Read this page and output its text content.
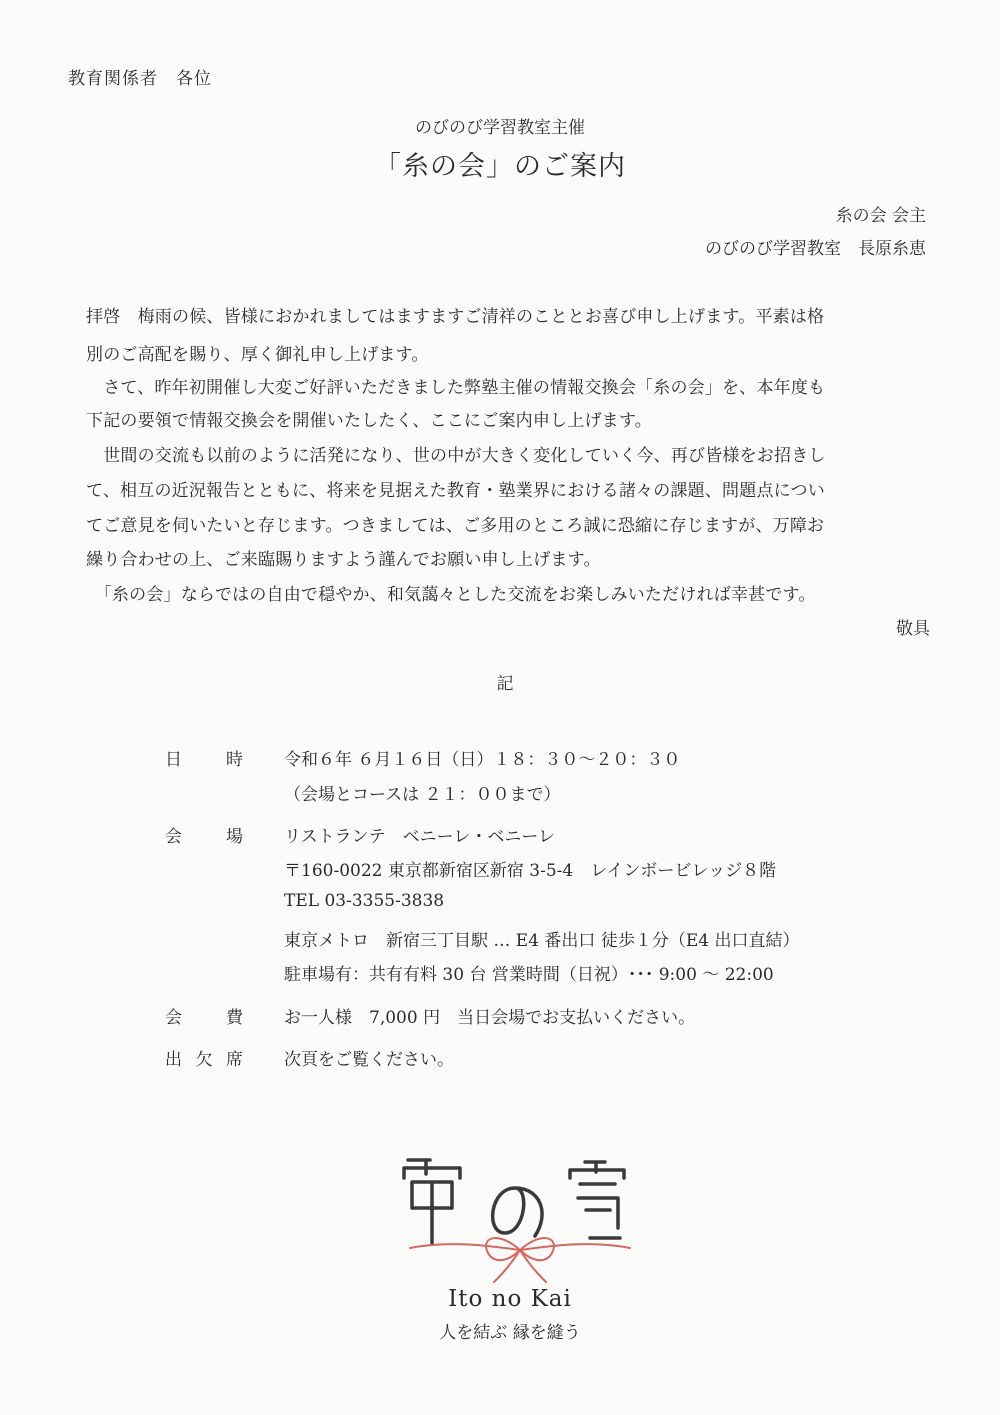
教育関係者　各位
のびのび学習教室主催
「糸の会」のご案内
糸の会 会主
のびのび学習教室　長原糸恵
拝啓　梅雨の候、皆様におかれましてはますますご清祥のこととお喜び申し上げます。平素は格
別のご高配を賜り、厚く御礼申し上げます。
　さて、昨年初開催し大変ご好評いただきました弊塾主催の情報交換会「糸の会」を、本年度も
下記の要領で情報交換会を開催いたしたく、ここにご案内申し上げます。
　世間の交流も以前のように活発になり、世の中が大きく変化していく今、再び皆様をお招きし
て、相互の近況報告とともに、将来を見据えた教育・塾業界における諸々の課題、問題点につい
てご意見を伺いたいと存じます。つきましては、ご多用のところ誠に恐縮に存じますが、万障お
繰り合わせの上、ご来臨賜りますよう謹んでお願い申し上げます。
　「糸の会」ならではの自由で穏やか、和気藹々とした交流をお楽しみいただければ幸甚です。
敬具
記
日	時 令和６年 ６月１６日（日）１８：３０～２０：３０
（会場とコースは ２１：００まで）
会	場 リストランテ　ベニーレ・ベニーレ
〒160-0022 東京都新宿区新宿 3-5-4　レインボービレッジ８階
TEL 03-3355-3838
東京メトロ　新宿三丁目駅 … E4 番出口 徒歩１分（E4 出口直結）
駐車場有：共有有料 30 台 営業時間（日祝）･･･ 9:00 ～ 22:00
会	費 お一人様　7,000 円　当日会場でお支払いください。
出 欠 席 次頁をご覧ください。
Ito no Kai
人を結ぶ 縁を縫う
